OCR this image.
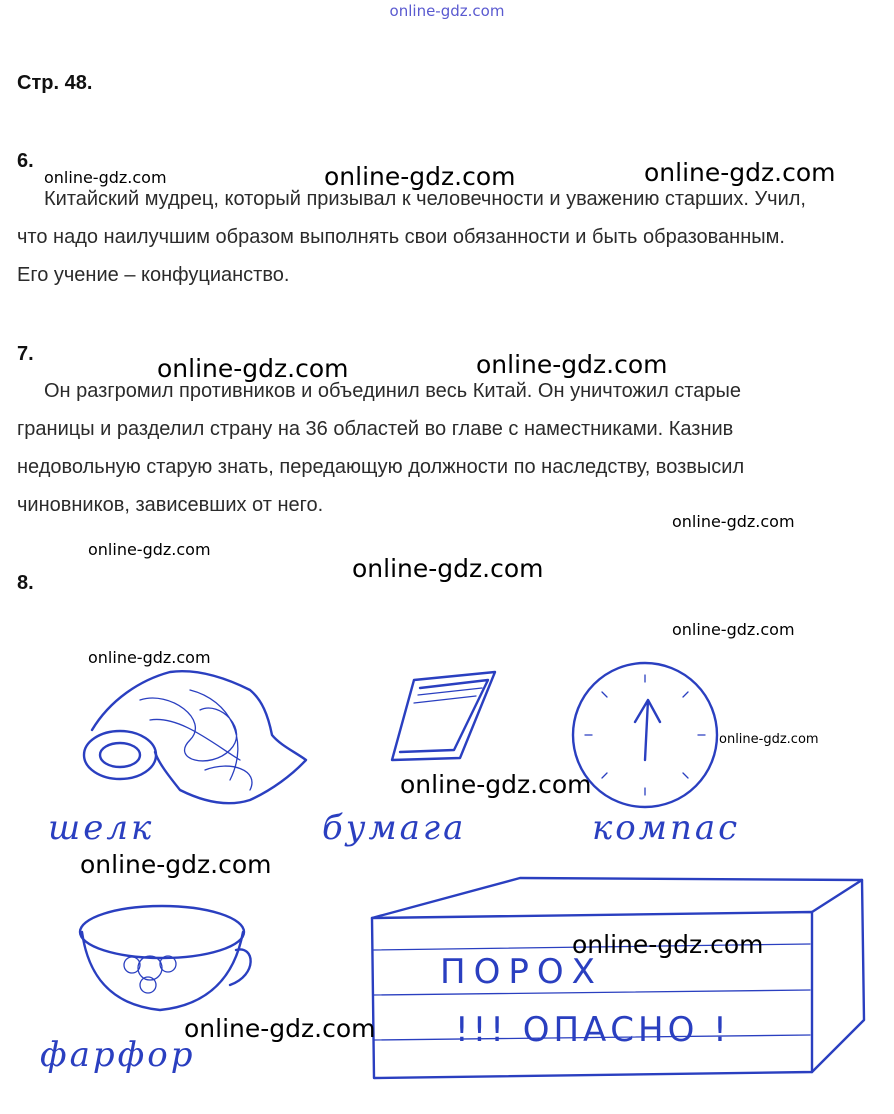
online-gdz.com
Стр. 48.
6.
Китайский мудрец, который призывал к человечности и уважению старших. Учил,
что надо наилучшим образом выполнять свои обязанности и быть образованным.
Его учение – конфуцианство.
7.
Он разгромил противников и объединил весь Китай. Он уничтожил старые
границы и разделил страну на 36 областей во главе с наместниками. Казнив
недовольную старую знать, передающую должности по наследству, возвысил
чиновников, зависевших от него.
8.
ПОРОХ
!!! ОПАСНО !
шелк	бумага	компас
фарфор
online-gdz.com	online-gdz.com	online-gdz.com
online-gdz.com	online-gdz.com
online-gdz.com
online-gdz.com
online-gdz.com
online-gdz.com
online-gdz.com
online-gdz.com
online-gdz.com
online-gdz.com
online-gdz.com
online-gdz.com
